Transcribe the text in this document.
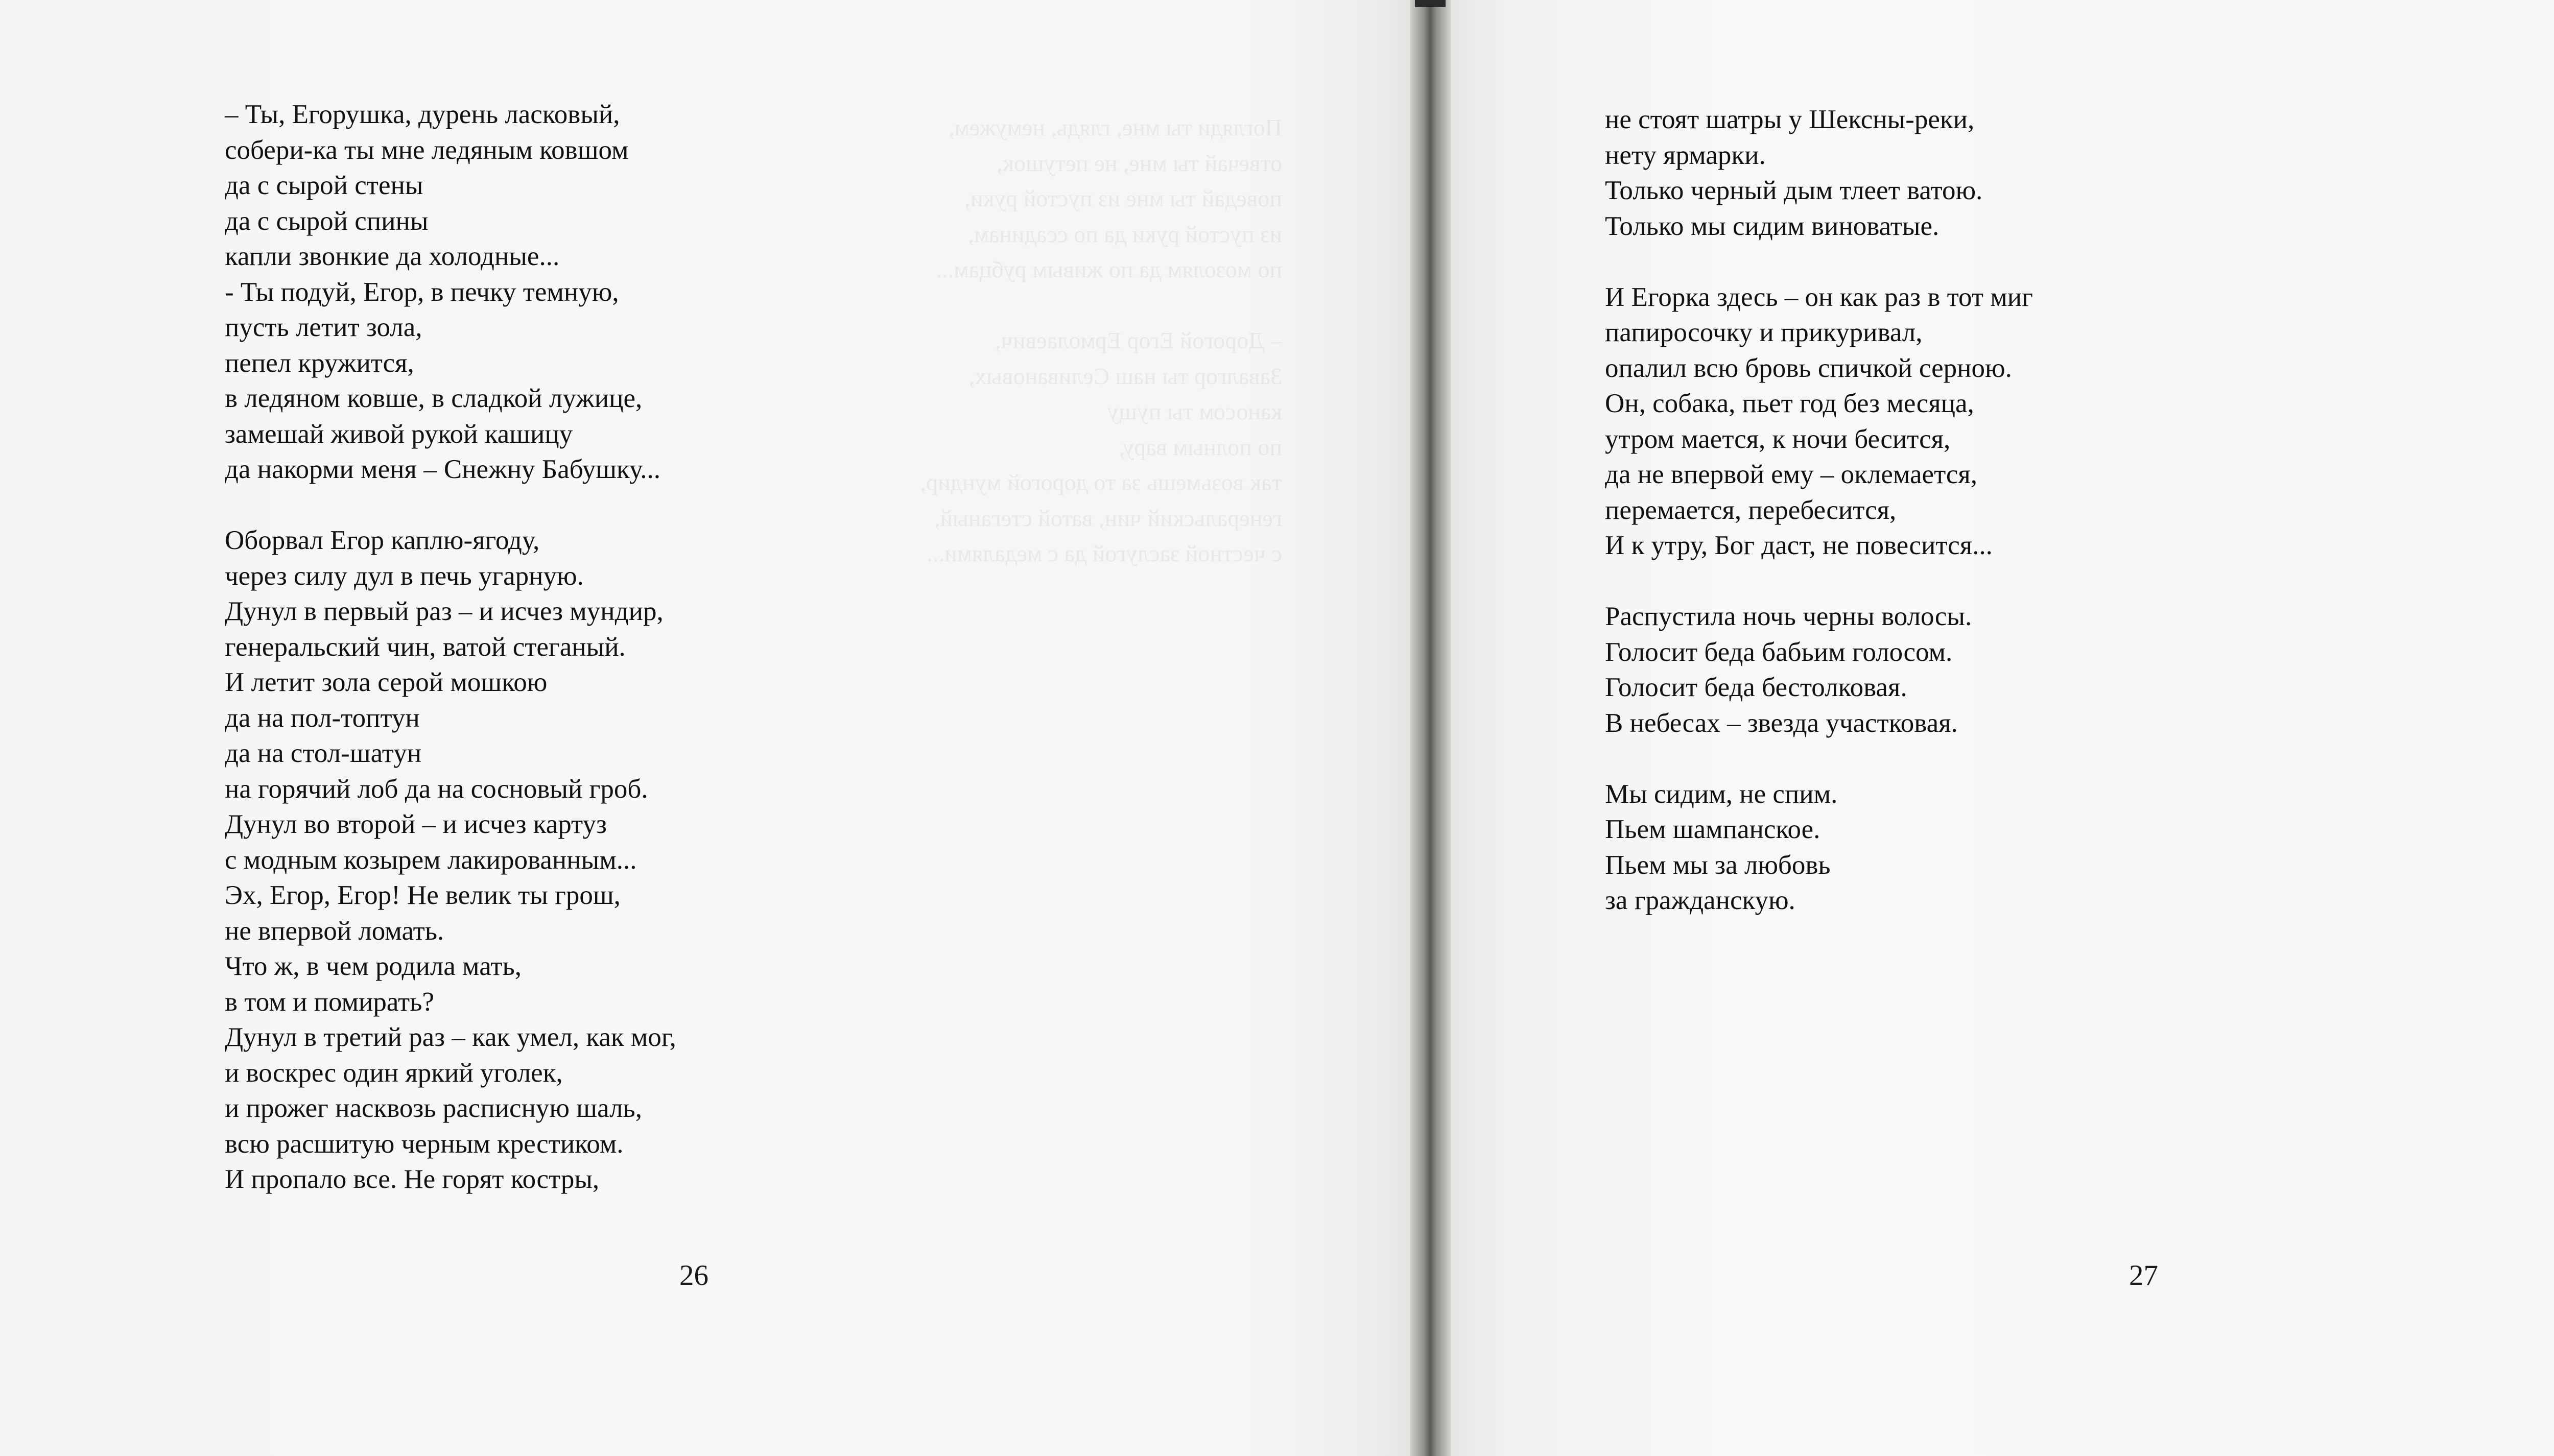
Погляди ты мне, глядь, немужем,
отвечай ты мне, не петушок,
поведай ты мне из пустой руки,
из пустой руки да по ссадинам,
по мозолям да по живым рубцам...
– Дорогой Егор Ермолаевич,
Завалгор ты наш Селивановых,
каносом ты пущу
по полным вару,
так возьмешь за то дорогой мундир,
генеральский чин, ватой стеганый,
с честной заслугой да с медалями...
– Ты, Егорушка, дурень ласковый,
собери-ка ты мне ледяным ковшом
да с сырой стены
да с сырой спины
капли звонкие да холодные...
- Ты подуй, Егор, в печку темную,
пусть летит зола,
пепел кружится,
в ледяном ковше, в сладкой лужице,
замешай живой рукой кашицу
да накорми меня – Снежну Бабушку...
Оборвал Егор каплю-ягоду,
через силу дул в печь угарную.
Дунул в первый раз – и исчез мундир,
генеральский чин, ватой стеганый.
И летит зола серой мошкою
да на пол-топтун
да на стол-шатун
на горячий лоб да на сосновый гроб.
Дунул во второй – и исчез картуз
с модным козырем лакированным...
Эх, Егор, Егор! Не велик ты грош,
не впервой ломать.
Что ж, в чем родила мать,
в том и помирать?
Дунул в третий раз – как умел, как мог,
и воскрес один яркий уголек,
и прожег насквозь расписную шаль,
всю расшитую черным крестиком.
И пропало все. Не горят костры,
26
не стоят шатры у Шексны-реки,
нету ярмарки.
Только черный дым тлеет ватою.
Только мы сидим виноватые.
И Егорка здесь – он как раз в тот миг
папиросочку и прикуривал,
опалил всю бровь спичкой серною.
Он, собака, пьет год без месяца,
утром мается, к ночи бесится,
да не впервой ему – оклемается,
перемается, перебесится,
И к утру, Бог даст, не повесится...
Распустила ночь черны волосы.
Голосит беда бабьим голосом.
Голосит беда бестолковая.
В небесах – звезда участковая.
Мы сидим, не спим.
Пьем шампанское.
Пьем мы за любовь
за гражданскую.
27
